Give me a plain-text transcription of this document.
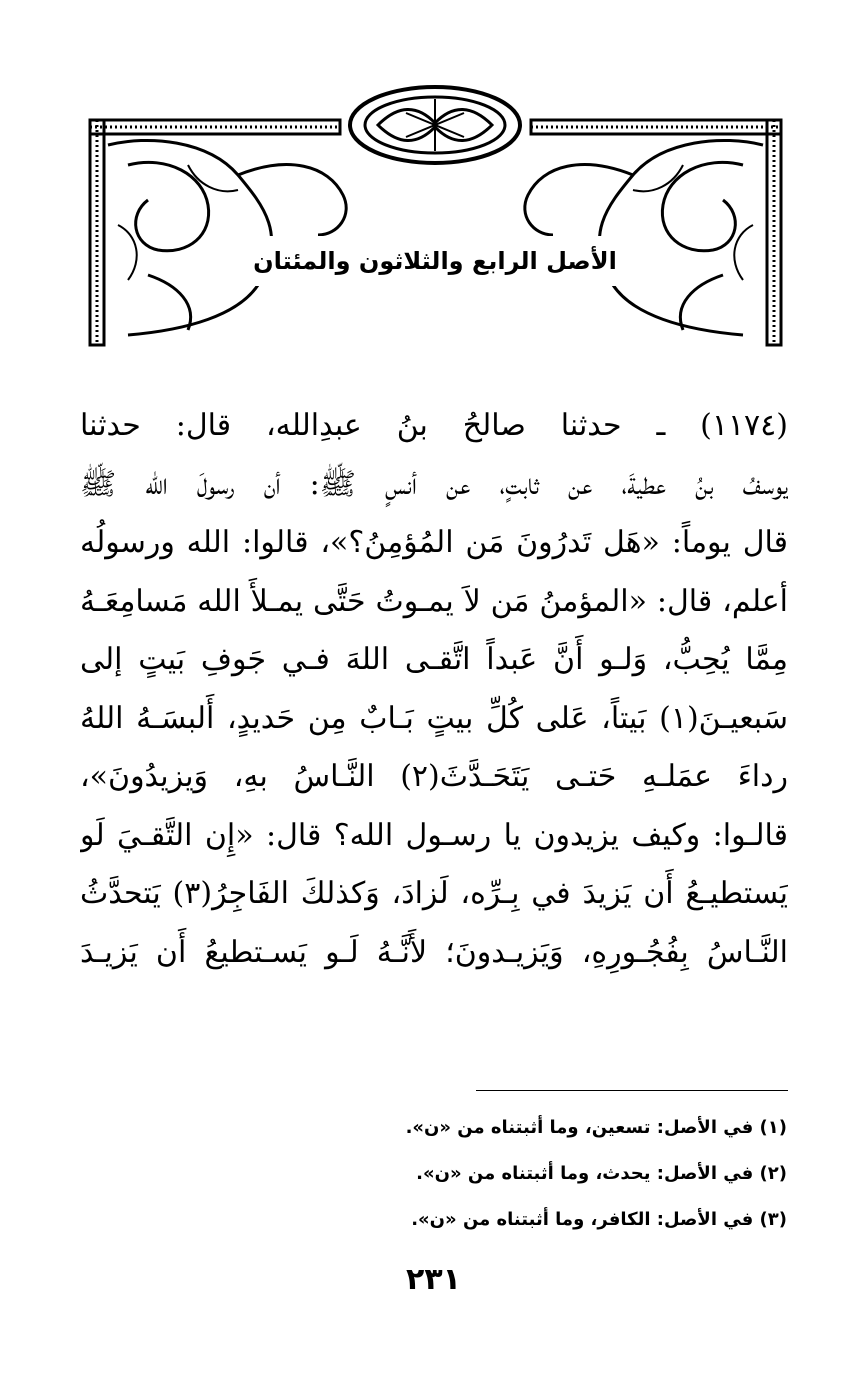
الأصل الرابع والثلاثون والمئتان
(١١٧٤) ـ حدثنا صالحُ بنُ عبدِالله، قال: حدثنا
يوسفُ بنُ عطيةَ، عن ثابتٍ، عن أنسٍ ﷺ: أن رسولَ الله ﷺ
قال يوماً: «هَل تَدرُونَ مَن المُؤمِنُ؟»، قالوا: الله ورسولُه
أعلم، قال: «المؤمنُ مَن لاَ يمـوتُ حَتَّى يمـلأَ الله مَسامِعَـهُ
مِمَّا يُحِبُّ، وَلـو أَنَّ عَبداً اتَّقـى اللهَ فـي جَوفِ بَيتٍ إلى
سَبعيـنَ(١) بَيتاً، عَلى كُلِّ بيتٍ بَـابٌ مِن حَديدٍ، أَلبسَـهُ اللهُ
رداءَ عمَلـهِ حَتـى يَتَحَـدَّثَ(٢) النَّـاسُ بهِ، وَيزيدُونَ»،
قالـوا: وكيف يزيدون يا رسـول الله؟ قال: «إِن التَّقـيَ لَو
يَستطيـعُ أَن يَزيدَ في بِـرِّه، لَزادَ، وَكذلكَ الفَاجِرُ(٣) يَتحدَّثُ
النَّـاسُ بِفُجُـورِهِ، وَيَزيـدونَ؛ لأَنَّـهُ لَـو يَسـتطيعُ أَن يَزيـدَ
(١) في الأصل: تسعين، وما أثبتناه من «ن».
(٢) في الأصل: يحدث، وما أثبتناه من «ن».
(٣) في الأصل: الكافر، وما أثبتناه من «ن».
٢٣١
